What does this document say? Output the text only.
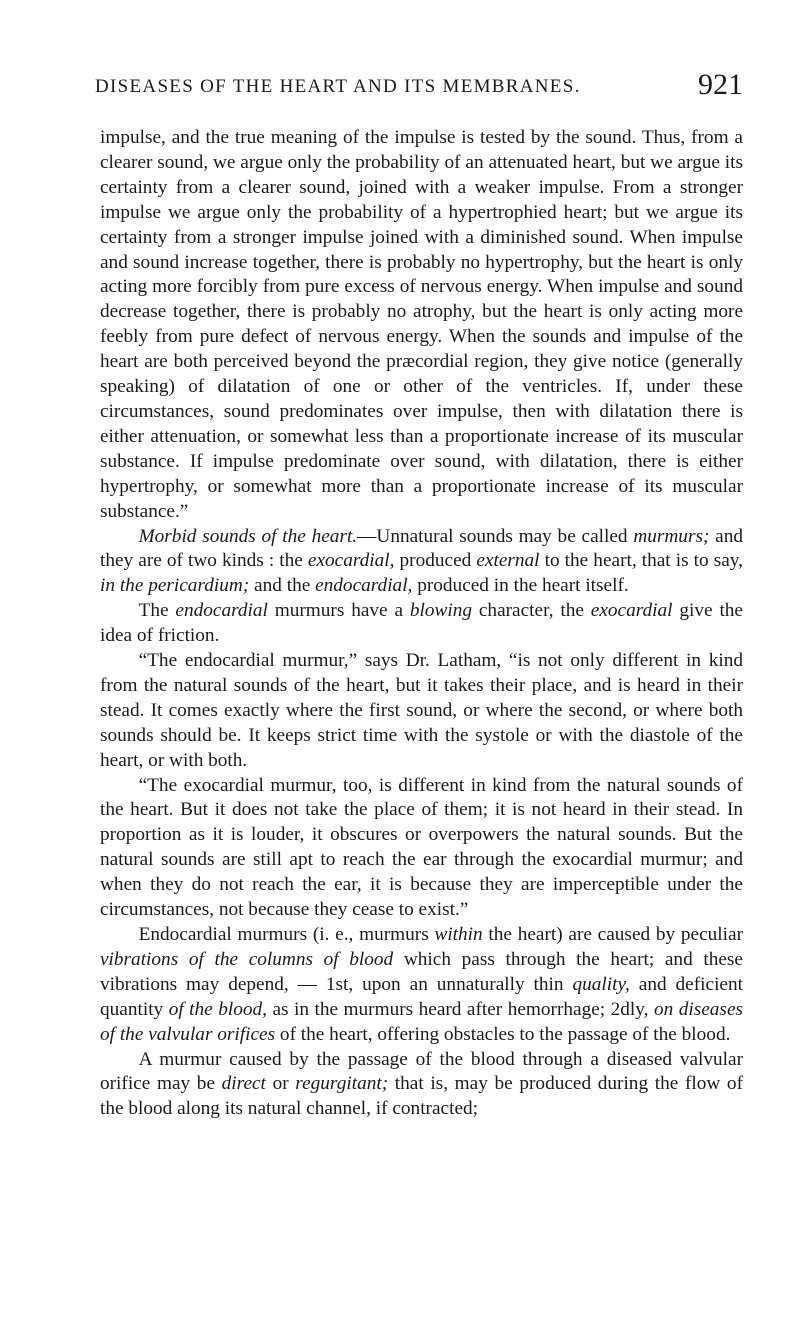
DISEASES OF THE HEART AND ITS MEMBRANES.	921

impulse, and the true meaning of the impulse is tested by the sound. Thus, from a clearer sound, we argue only the probability of an attenuated heart, but we argue its certainty from a clearer sound, joined with a weaker impulse. From a stronger impulse we argue only the probability of a hypertrophied heart; but we argue its certainty from a stronger impulse joined with a diminished sound. When impulse and sound increase together, there is probably no hypertrophy, but the heart is only acting more forcibly from pure excess of nervous energy. When impulse and sound decrease together, there is probably no atrophy, but the heart is only acting more feebly from pure defect of nervous energy. When the sounds and impulse of the heart are both perceived beyond the præcordial region, they give notice (generally speaking) of dilatation of one or other of the ventricles. If, under these circumstances, sound predominates over impulse, then with dilatation there is either attenuation, or somewhat less than a proportionate increase of its muscular substance. If impulse predominate over sound, with dilatation, there is either hypertrophy, or somewhat more than a proportionate increase of its muscular substance.”

Morbid sounds of the heart.—Unnatural sounds may be called murmurs; and they are of two kinds : the exocardial, produced external to the heart, that is to say, in the pericardium; and the endocardial, produced in the heart itself.

The endocardial murmurs have a blowing character, the exocardial give the idea of friction.

“The endocardial murmur,” says Dr. Latham, “is not only different in kind from the natural sounds of the heart, but it takes their place, and is heard in their stead. It comes exactly where the first sound, or where the second, or where both sounds should be. It keeps strict time with the systole or with the diastole of the heart, or with both.

“The exocardial murmur, too, is different in kind from the natural sounds of the heart. But it does not take the place of them; it is not heard in their stead. In proportion as it is louder, it obscures or overpowers the natural sounds. But the natural sounds are still apt to reach the ear through the exocardial murmur; and when they do not reach the ear, it is because they are imperceptible under the circumstances, not because they cease to exist.”

Endocardial murmurs (i. e., murmurs within the heart) are caused by peculiar vibrations of the columns of blood which pass through the heart; and these vibrations may depend, — 1st, upon an unnaturally thin quality, and deficient quantity of the blood, as in the murmurs heard after hemorrhage; 2dly, on diseases of the valvular orifices of the heart, offering obstacles to the passage of the blood.

A murmur caused by the passage of the blood through a diseased valvular orifice may be direct or regurgitant; that is, may be produced during the flow of the blood along its natural channel, if contracted;
